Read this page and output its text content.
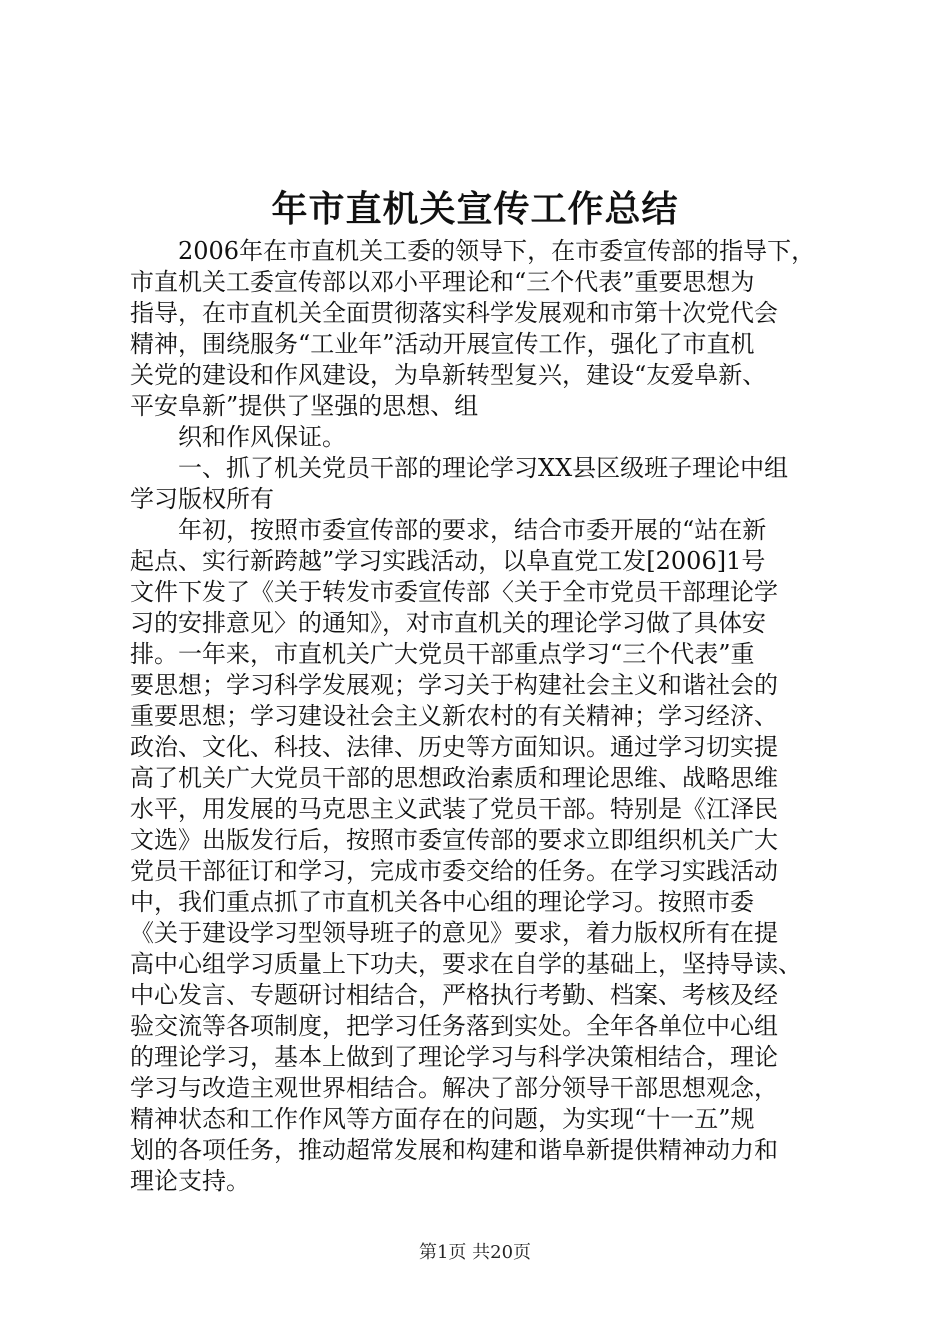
年市直机关宣传工作总结
　　2006年在市直机关工委的领导下，在市委宣传部的指导下，
市直机关工委宣传部以邓小平理论和“三个代表”重要思想为
指导，在市直机关全面贯彻落实科学发展观和市第十次党代会
精神，围绕服务“工业年”活动开展宣传工作，强化了市直机
关党的建设和作风建设，为阜新转型复兴，建设“友爱阜新、
平安阜新”提供了坚强的思想、组
　　织和作风保证。
　　一、抓了机关党员干部的理论学习XX县区级班子理论中组
学习版权所有
　　年初，按照市委宣传部的要求，结合市委开展的“站在新
起点、实行新跨越”学习实践活动，以阜直党工发[2006]1号
文件下发了《关于转发市委宣传部〈关于全市党员干部理论学
习的安排意见〉的通知》，对市直机关的理论学习做了具体安
排。一年来，市直机关广大党员干部重点学习“三个代表”重
要思想；学习科学发展观；学习关于构建社会主义和谐社会的
重要思想；学习建设社会主义新农村的有关精神；学习经济、
政治、文化、科技、法律、历史等方面知识。通过学习切实提
高了机关广大党员干部的思想政治素质和理论思维、战略思维
水平，用发展的马克思主义武装了党员干部。特别是《江泽民
文选》出版发行后，按照市委宣传部的要求立即组织机关广大
党员干部征订和学习，完成市委交给的任务。在学习实践活动
中，我们重点抓了市直机关各中心组的理论学习。按照市委
《关于建设学习型领导班子的意见》要求，着力版权所有在提
高中心组学习质量上下功夫，要求在自学的基础上，坚持导读、
中心发言、专题研讨相结合，严格执行考勤、档案、考核及经
验交流等各项制度，把学习任务落到实处。全年各单位中心组
的理论学习，基本上做到了理论学习与科学决策相结合，理论
学习与改造主观世界相结合。解决了部分领导干部思想观念，
精神状态和工作作风等方面存在的问题，为实现“十一五”规
划的各项任务，推动超常发展和构建和谐阜新提供精神动力和
理论支持。
第1页 共20页
